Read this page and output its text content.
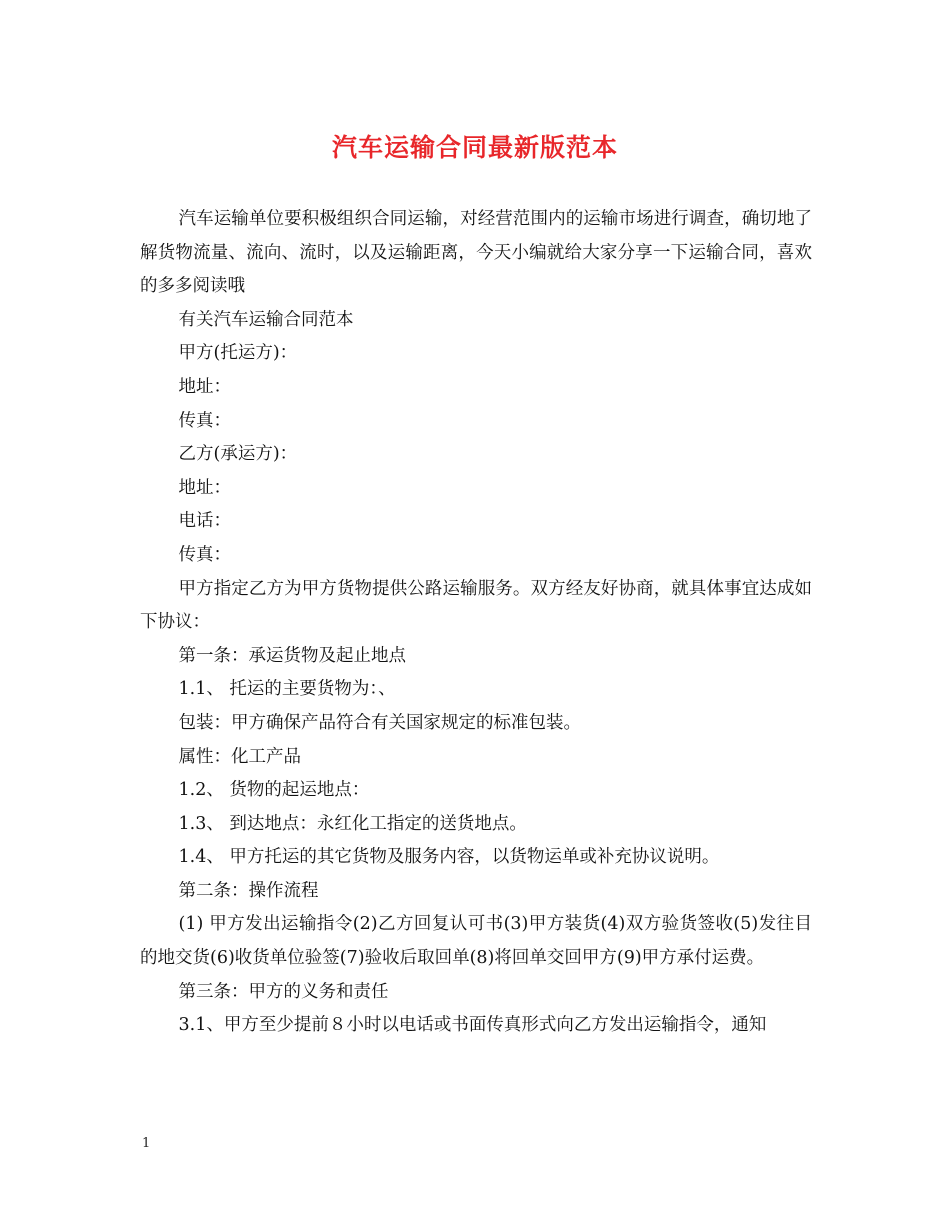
汽车运输合同最新版范本

汽车运输单位要积极组织合同运输，对经营范围内的运输市场进行调查，确切地了解货物流量、流向、流时，以及运输距离，今天小编就给大家分享一下运输合同，喜欢的多多阅读哦

有关汽车运输合同范本

甲方(托运方)：

地址：

传真：

乙方(承运方)：

地址：

电话：

传真：

甲方指定乙方为甲方货物提供公路运输服务。双方经友好协商，就具体事宜达成如下协议：

第一条：承运货物及起止地点

1.1、 托运的主要货物为：、

包装：甲方确保产品符合有关国家规定的标准包装。

属性：化工产品

1.2、 货物的起运地点：

1.3、 到达地点：永红化工指定的送货地点。

1.4、 甲方托运的其它货物及服务内容，以货物运单或补充协议说明。

第二条：操作流程

(1) 甲方发出运输指令(2)乙方回复认可书(3)甲方装货(4)双方验货签收(5)发往目的地交货(6)收货单位验签(7)验收后取回单(8)将回单交回甲方(9)甲方承付运费。

第三条：甲方的义务和责任

3.1、甲方至少提前８小时以电话或书面传真形式向乙方发出运输指令，通知

1
